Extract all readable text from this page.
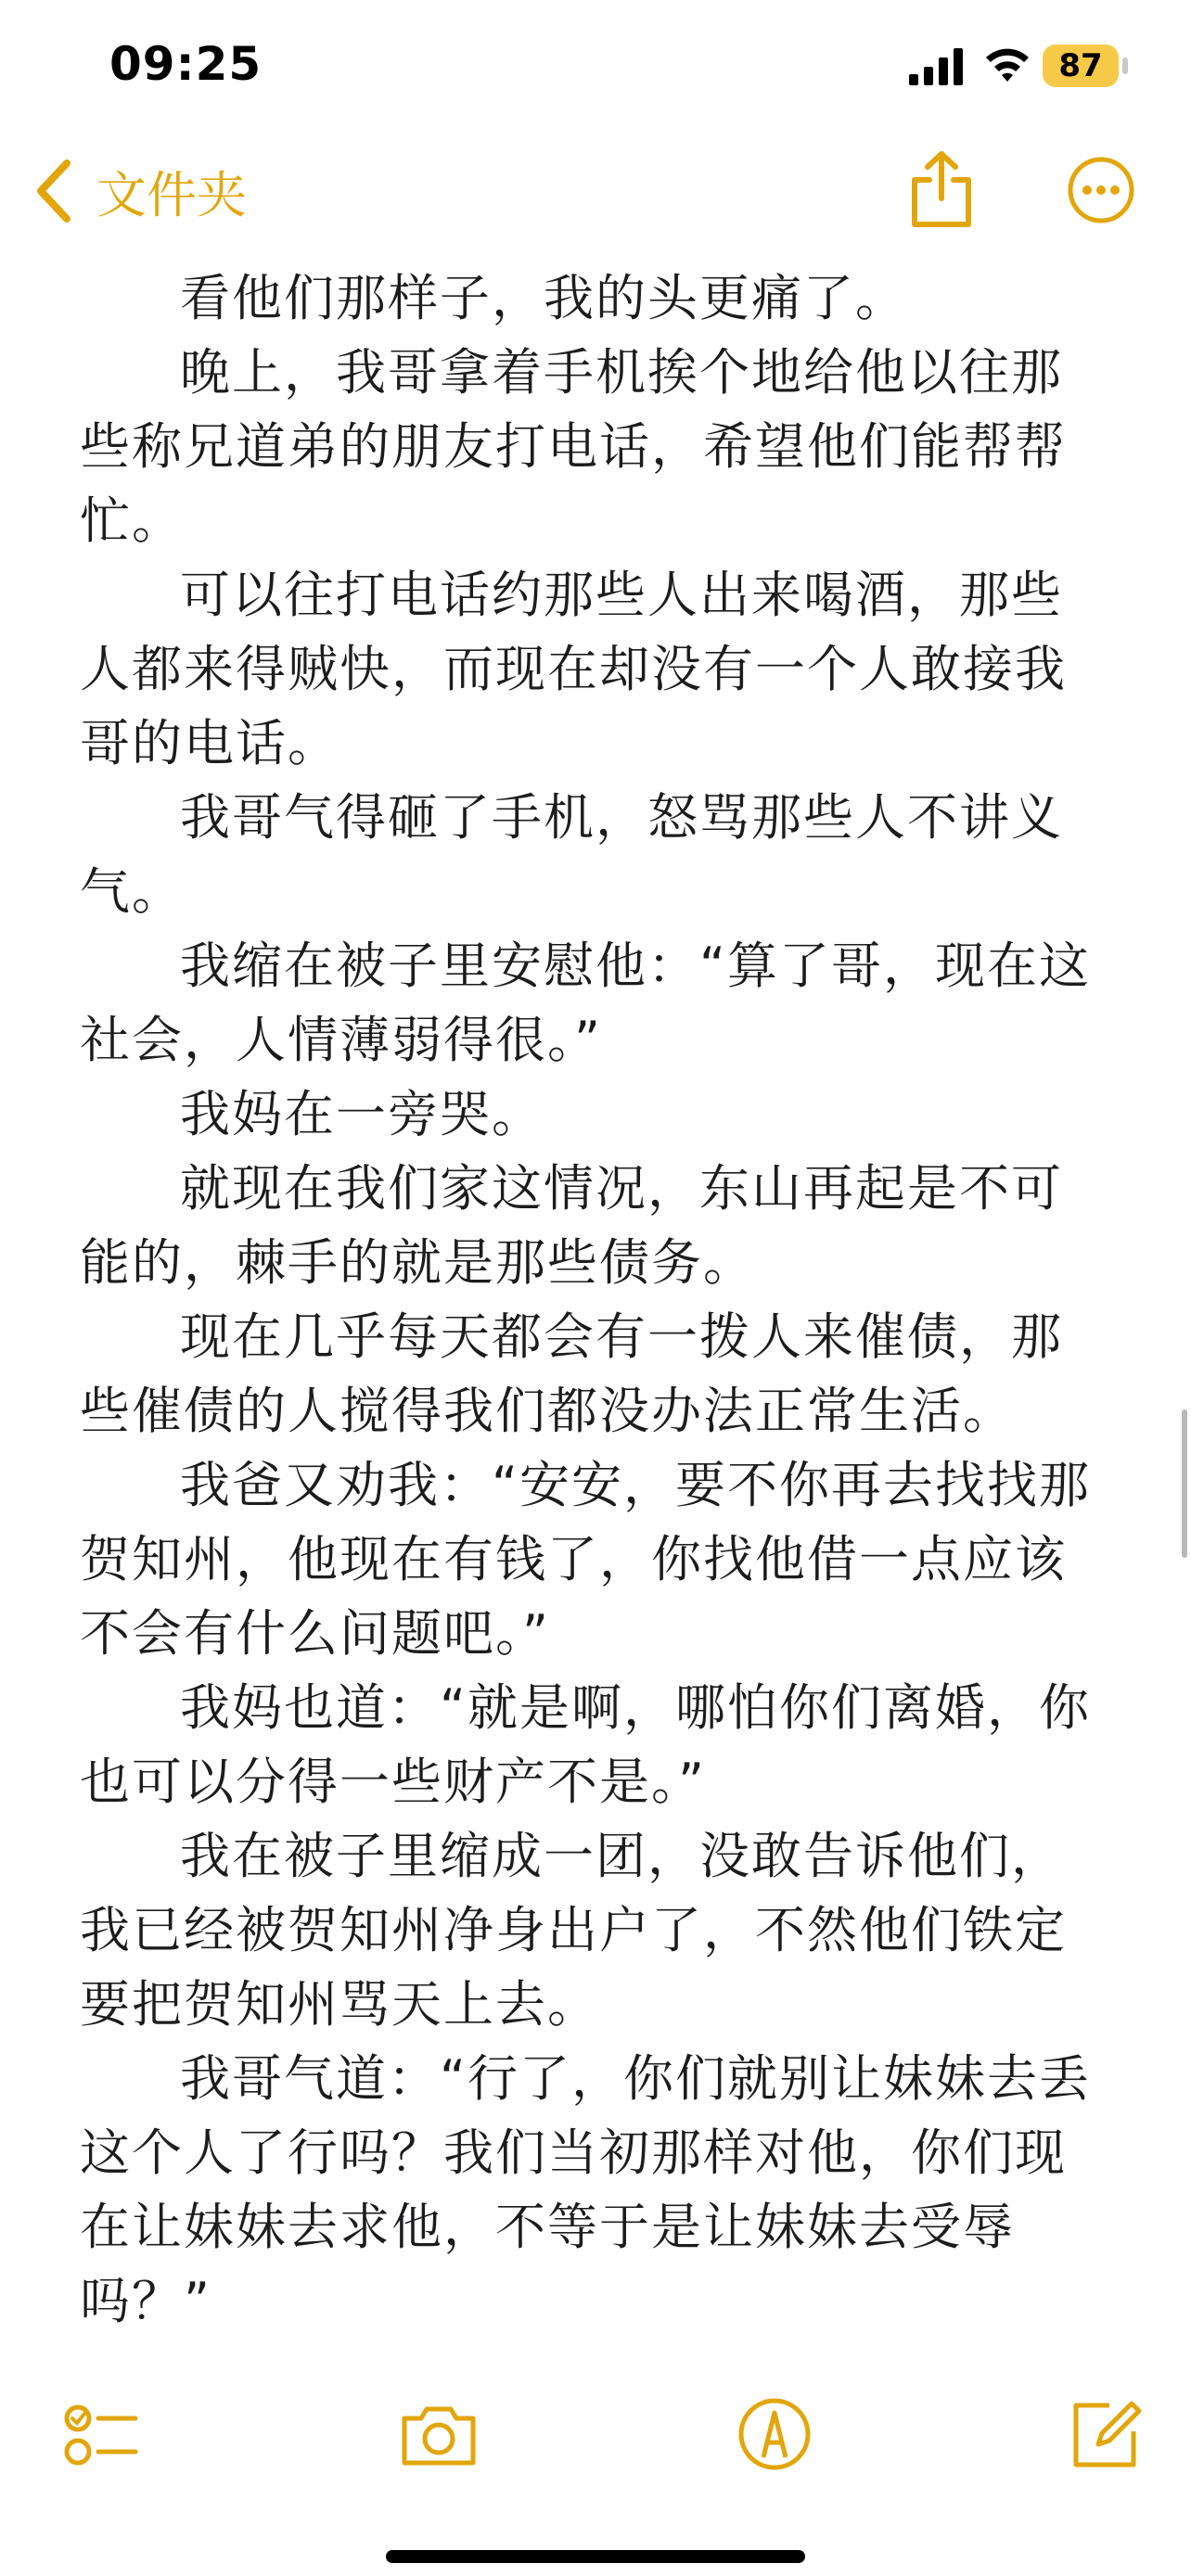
09:25	87
文件夹

看他们那样子，我的头更痛了。

晚上，我哥拿着手机挨个地给他以往那些称兄道弟的朋友打电话，希望他们能帮帮忙。

可以往打电话约那些人出来喝酒，那些人都来得贼快，而现在却没有一个人敢接我哥的电话。

我哥气得砸了手机，怒骂那些人不讲义气。

我缩在被子里安慰他：“算了哥，现在这社会，人情薄弱得很。”

我妈在一旁哭。

就现在我们家这情况，东山再起是不可能的，棘手的就是那些债务。

现在几乎每天都会有一拨人来催债，那些催债的人搅得我们都没办法正常生活。

我爸又劝我：“安安，要不你再去找找那贺知州，他现在有钱了，你找他借一点应该不会有什么问题吧。”

我妈也道：“就是啊，哪怕你们离婚，你也可以分得一些财产不是。”

我在被子里缩成一团，没敢告诉他们，我已经被贺知州净身出户了，不然他们铁定要把贺知州骂天上去。

我哥气道：“行了，你们就别让妹妹去丢这个人了行吗？我们当初那样对他，你们现在让妹妹去求他，不等于是让妹妹去受辱吗？”
